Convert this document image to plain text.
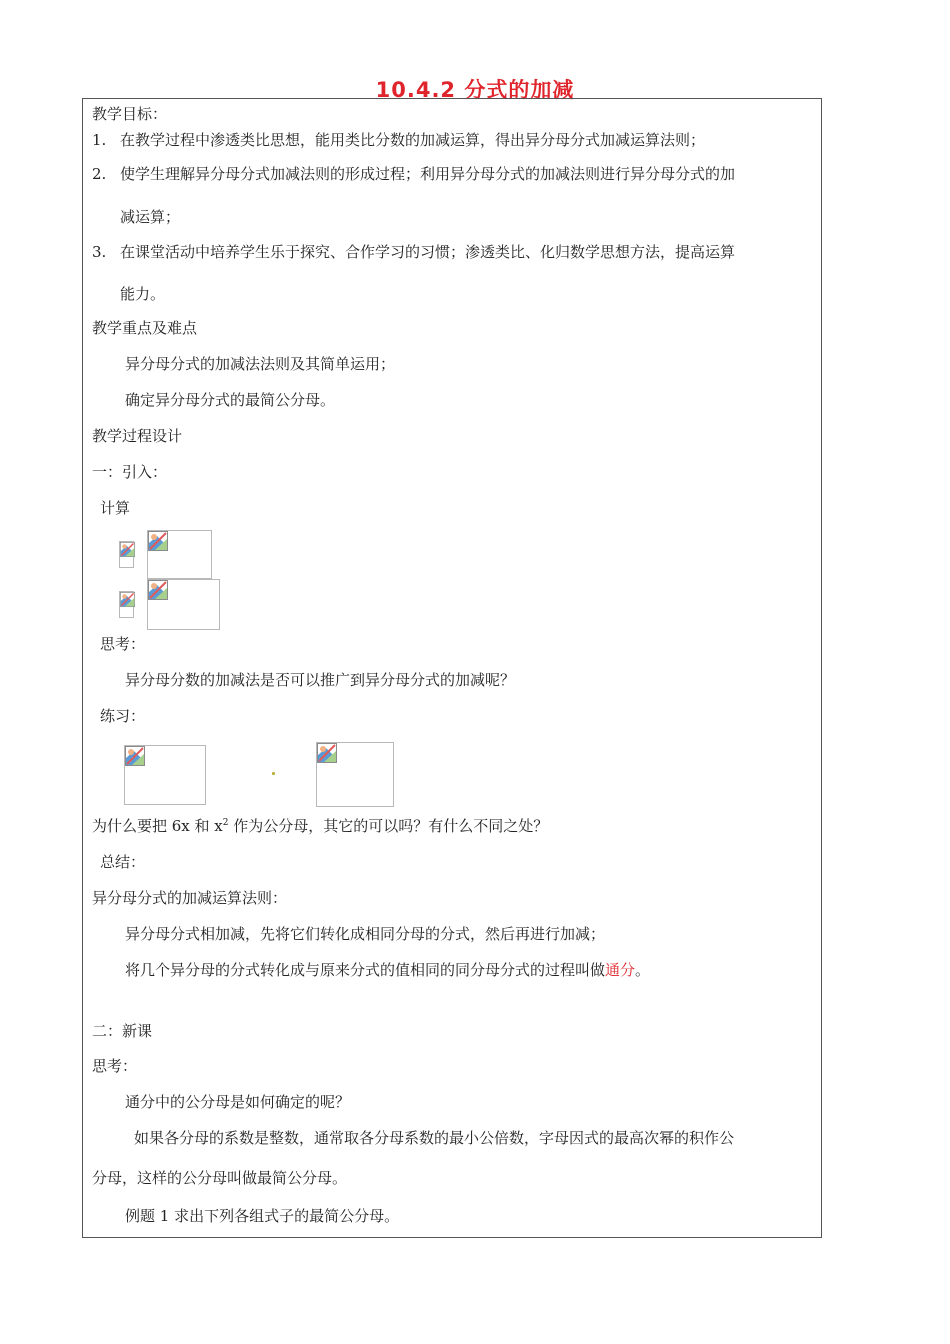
10.4.2 分式的加减
教学目标：
1. 在教学过程中渗透类比思想，能用类比分数的加减运算，得出异分母分式加减运算法则；
2. 使学生理解异分母分式加减法则的形成过程；利用异分母分式的加减法则进行异分母分式的加
减运算；
3. 在课堂活动中培养学生乐于探究、合作学习的习惯；渗透类比、化归数学思想方法，提高运算
能力。
教学重点及难点
异分母分式的加减法法则及其简单运用；
确定异分母分式的最简公分母。
教学过程设计
一：引入：
计算
思考：
异分母分数的加减法是否可以推广到异分母分式的加减呢？
练习：
为什么要把 6x 和 $x^2$ 作为公分母，其它的可以吗？有什么不同之处？
总结：
异分母分式的加减运算法则：
异分母分式相加减，先将它们转化成相同分母的分式，然后再进行加减；
将几个异分母的分式转化成与原来分式的值相同的同分母分式的过程叫做通分。
二：新课
思考：
通分中的公分母是如何确定的呢？
如果各分母的系数是整数，通常取各分母系数的最小公倍数，字母因式的最高次幂的积作公
分母，这样的公分母叫做最简公分母。
例题 1 求出下列各组式子的最简公分母。
